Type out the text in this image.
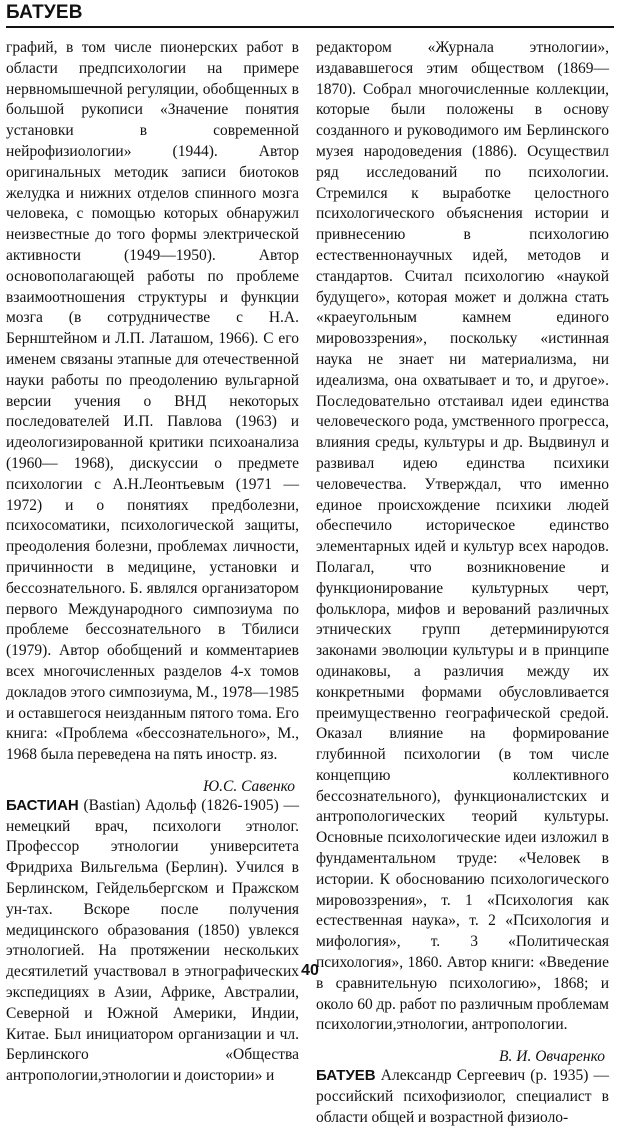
БАТУЕВ

графий, в том числе пионерских работ в области предпсихологии на примере нервномышечной регуляции, обобщенных в большой рукописи «Значение понятия установки в современной нейрофизиологии» (1944). Автор оригинальных методик записи биотоков желудка и нижних отделов спинного мозга человека, с помощью которых обнаружил неизвестные до того формы электрической активности (1949—1950). Автор основополагающей работы по проблеме взаимоотношения структуры и функции мозга (в сотрудничестве с Н.А. Бернштейном и Л.П. Латашом, 1966). С его именем связаны этапные для отечественной науки работы по преодолению вульгарной версии учения о ВНД некоторых последователей И.П. Павлова (1963) и идеологизированной критики психоанализа (1960— 1968), дискуссии о предмете психологии с А.Н.Леонтьевым (1971 — 1972) и о понятиях предболезни, психосоматики, психологической защиты, преодоления болезни, проблемах личности, причинности в медицине, установки и бессознательного. Б. являлся организатором первого Международного симпозиума по проблеме бессознательного в Тбилиси (1979). Автор обобщений и комментариев всех многочисленных разделов 4-х томов докладов этого симпозиума, М., 1978—1985 и оставшегося неизданным пятого тома. Его книга: «Проблема «бессознательного», М., 1968 была переведена на пять иностр. яз.

Ю.С. Савенко

БАСТИАН (Bastian) Адольф (1826-1905) — немецкий врач, психологи этнолог. Профессор этнологии университета Фридриха Вильгельма (Берлин). Учился в Берлинском, Гейдельбергском и Пражском ун-тах. Вскоре после получения медицинского образования (1850) увлекся этнологией. На протяжении нескольких десятилетий участвовал в этнографических экспедициях в Азии, Африке, Австралии, Северной и Южной Америки, Индии, Китае. Был инициатором организации и чл. Берлинского «Общества антропологии,этнологии и доистории» и

редактором «Журнала этнологии», издававшегося этим обществом (1869—1870). Собрал многочисленные коллекции, которые были положены в основу созданного и руководимого им Берлинского музея народоведения (1886). Осуществил ряд исследований по психологии. Стремился к выработке целостного психологического объяснения истории и привнесению в психологию естественнонаучных идей, методов и стандартов. Считал психологию «наукой будущего», которая может и должна стать «краеугольным камнем единого мировоззрения», поскольку «истинная наука не знает ни материализма, ни идеализма, она охватывает и то, и другое». Последовательно отстаивал идеи единства человеческого рода, умственного прогресса, влияния среды, культуры и др. Выдвинул и развивал идею единства психики человечества. Утверждал, что именно единое происхождение психики людей обеспечило историческое единство элементарных идей и культур всех народов. Полагал, что возникновение и функционирование культурных черт, фольклора, мифов и верований различных этнических групп детерминируются законами эволюции культуры и в принципе одинаковы, а различия между их конкретными формами обусловливается преимущественно географической средой. Оказал влияние на формирование глубинной психологии (в том числе концепцию коллективного бессознательного), функционалистских и антропологических теорий культуры. Основные психологические идеи изложил в фундаментальном труде: «Человек в истории. К обоснованию психологического мировоззрения», т. 1 «Психология как естественная наука», т. 2 «Психология и мифология», т. 3 «Политическая психология», 1860. Автор книги: «Введение в сравнительную психологию», 1868; и около 60 др. работ по различным проблемам психологии,этнологии, антропологии.

В. И. Овчаренко

БАТУЕВ Александр Сергеевич (р. 1935) — российский психофизиолог, специалист в области общей и возрастной физиоло-

40
